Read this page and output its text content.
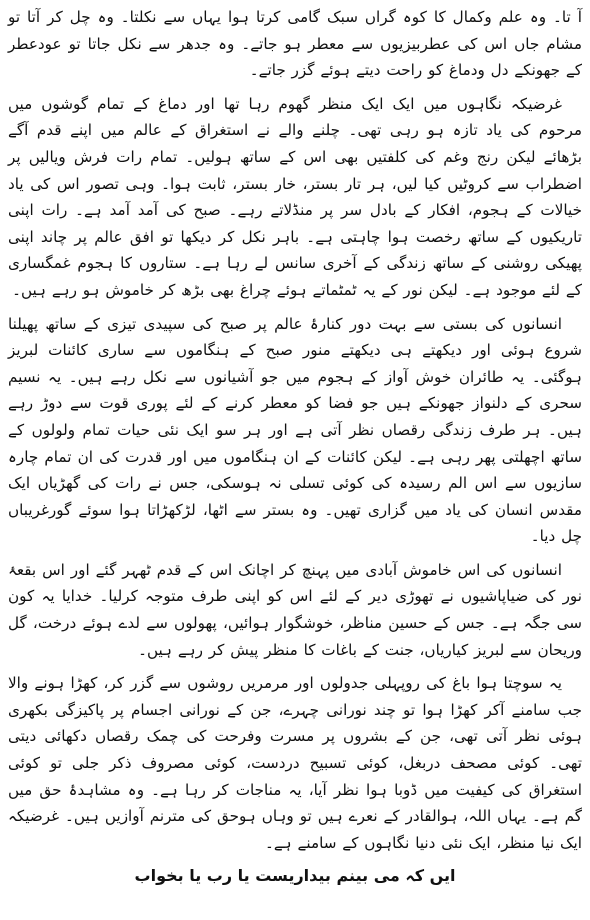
آ تا۔ وہ علم وکمال کا کوہ گراں سبک گامی کرتا ہوا یہاں سے نکلتا۔ وہ چل کر آتا تو مشام جاں اس کی عطربیزیوں سے معطر ہو جاتے۔ وہ جدھر سے نکل جاتا تو عودعطر کے جھونکے دل ودماغ کو راحت دیتے ہوئے گزر جاتے۔

غرضیکہ نگاہوں میں ایک ایک منظر گھوم رہا تھا اور دماغ کے تمام گوشوں میں مرحوم کی یاد تازہ ہو رہی تھی۔ چلنے والے نے استغراق کے عالم میں اپنے قدم آگے بڑھائے لیکن رنج وغم کی کلفتیں بھی اس کے ساتھ ہولیں۔ تمام رات فرش ویالیں پر اضطراب سے کروٹیں کیا لیں، ہر تار بستر، خار بستر، ثابت ہوا۔ وہی تصور اس کی یاد خیالات کے ہجوم، افکار کے بادل سر پر منڈلاتے رہے۔ صبح کی آمد آمد ہے۔ رات اپنی تاریکیوں کے ساتھ رخصت ہوا چاہتی ہے۔ باہر نکل کر دیکھا تو افق عالم پر چاند اپنی پھیکی روشنی کے ساتھ زندگی کے آخری سانس لے رہا ہے۔ ستاروں کا ہجوم غمگساری کے لئے موجود ہے۔ لیکن نور کے یہ ٹمٹماتے ہوئے چراغ بھی بڑھ کر خاموش ہو رہے ہیں۔

انسانوں کی بستی سے بہت دور کنارۂ عالم پر صبح کی سپیدی تیزی کے ساتھ پھیلنا شروع ہوئی اور دیکھتے ہی دیکھتے منور صبح کے ہنگاموں سے ساری کائنات لبریز ہوگئی۔ یہ طائران خوش آواز کے ہجوم میں جو آشیانوں سے نکل رہے ہیں۔ یہ نسیم سحری کے دلنواز جھونکے ہیں جو فضا کو معطر کرنے کے لئے پوری قوت سے دوڑ رہے ہیں۔ ہر طرف زندگی رقصاں نظر آتی ہے اور ہر سو ایک نئی حیات تمام ولولوں کے ساتھ اچھلتی پھر رہی ہے۔ لیکن کائنات کے ان ہنگاموں میں اور قدرت کی ان تمام چارہ سازیوں سے اس الم رسیدہ کی کوئی تسلی نہ ہوسکی، جس نے رات کی گھڑیاں ایک مقدس انسان کی یاد میں گزاری تھیں۔ وہ بستر سے اٹھا، لڑکھڑاتا ہوا سوئے گورغریباں چل دیا۔

انسانوں کی اس خاموش آبادی میں پہنچ کر اچانک اس کے قدم ٹھہر گئے اور اس بقعۂ نور کی ضیاپاشیوں نے تھوڑی دیر کے لئے اس کو اپنی طرف متوجہ کرلیا۔ خدایا یہ کون سی جگہ ہے۔ جس کے حسین مناظر، خوشگوار ہوائیں، پھولوں سے لدے ہوئے درخت، گل وریحان سے لبریز کیاریاں، جنت کے باغات کا منظر پیش کر رہے ہیں۔

یہ سوچتا ہوا باغ کی روپہلی جدولوں اور مرمریں روشوں سے گزر کر، کھڑا ہونے والا جب سامنے آکر کھڑا ہوا تو چند نورانی چہرے، جن کے نورانی اجسام پر پاکیزگی بکھری ہوئی نظر آتی تھی، جن کے بشروں پر مسرت وفرحت کی چمک رقصاں دکھائی دیتی تھی۔ کوئی مصحف دربغل، کوئی تسبیح دردست، کوئی مصروف ذکر جلی تو کوئی استغراق کی کیفیت میں ڈوبا ہوا نظر آیا، یہ مناجات کر رہا ہے۔ وہ مشاہدۂ حق میں گم ہے۔ یہاں اللہ، ہوالقادر کے نعرے ہیں تو وہاں ہوحق کی مترنم آوازیں ہیں۔ غرضیکہ ایک نیا منظر، ایک نئی دنیا نگاہوں کے سامنے ہے۔

ایں کہ می بینم بیداریست یا رب یا بخواب
